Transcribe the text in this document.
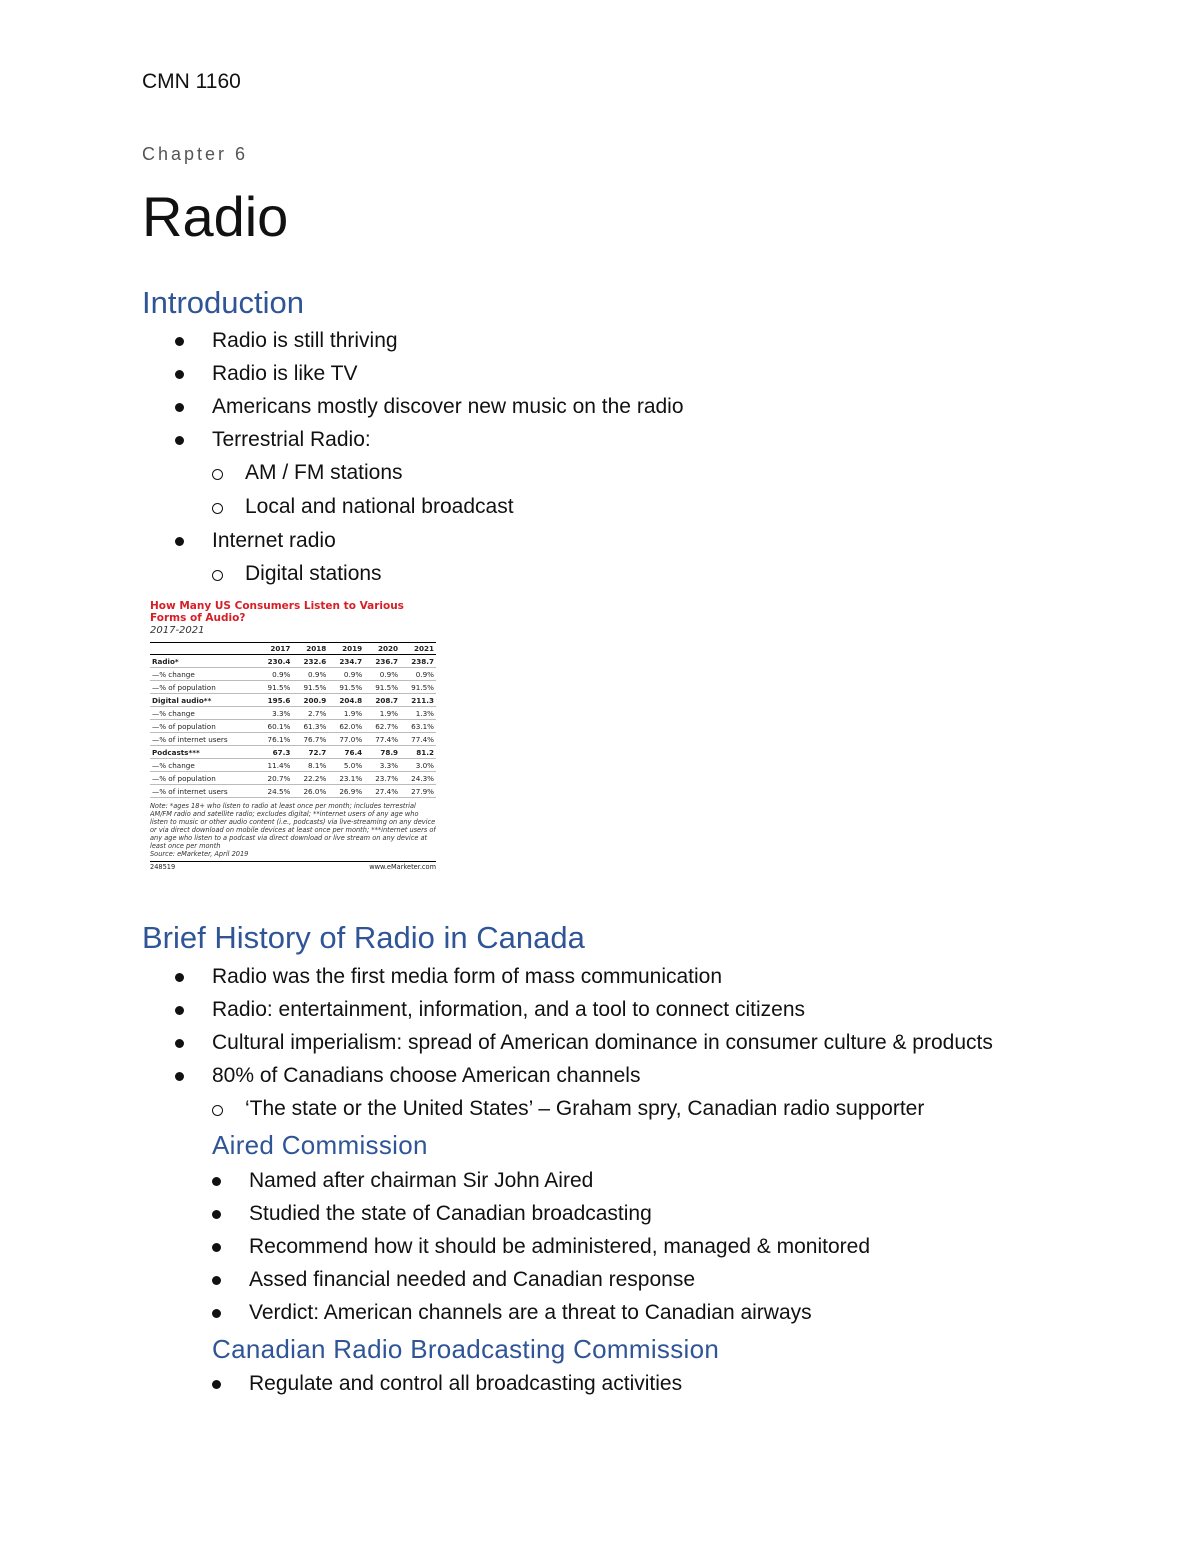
CMN 1160
Chapter 6
Radio
Introduction
Radio is still thriving
Radio is like TV
Americans mostly discover new music on the radio
Terrestrial Radio:
AM / FM stations
Local and national broadcast
Internet radio
Digital stations
How Many US Consumers Listen to Various Forms of Audio?
2017-2021
	2017	2018	2019	2020	2021
Radio*	230.4	232.6	234.7	236.7	238.7
—% change	0.9%	0.9%	0.9%	0.9%	0.9%
—% of population	91.5%	91.5%	91.5%	91.5%	91.5%
Digital audio**	195.6	200.9	204.8	208.7	211.3
—% change	3.3%	2.7%	1.9%	1.9%	1.3%
—% of population	60.1%	61.3%	62.0%	62.7%	63.1%
—% of internet users	76.1%	76.7%	77.0%	77.4%	77.4%
Podcasts***	67.3	72.7	76.4	78.9	81.2
—% change	11.4%	8.1%	5.0%	3.3%	3.0%
—% of population	20.7%	22.2%	23.1%	23.7%	24.3%
—% of internet users	24.5%	26.0%	26.9%	27.4%	27.9%
Note: *ages 18+ who listen to radio at least once per month; includes terrestrial AM/FM radio and satellite radio; excludes digital; **internet users of any age who listen to music or other audio content (i.e., podcasts) via live-streaming on any device or via direct download on mobile devices at least once per month; ***internet users of any age who listen to a podcast via direct download or live stream on any device at least once per month
Source: eMarketer, April 2019
248519	www.eMarketer.com
Brief History of Radio in Canada
Radio was the first media form of mass communication
Radio: entertainment, information, and a tool to connect citizens
Cultural imperialism: spread of American dominance in consumer culture & products
80% of Canadians choose American channels
‘The state or the United States’ – Graham spry, Canadian radio supporter
Aired Commission
Named after chairman Sir John Aired
Studied the state of Canadian broadcasting
Recommend how it should be administered, managed & monitored
Assed financial needed and Canadian response
Verdict: American channels are a threat to Canadian airways
Canadian Radio Broadcasting Commission
Regulate and control all broadcasting activities
